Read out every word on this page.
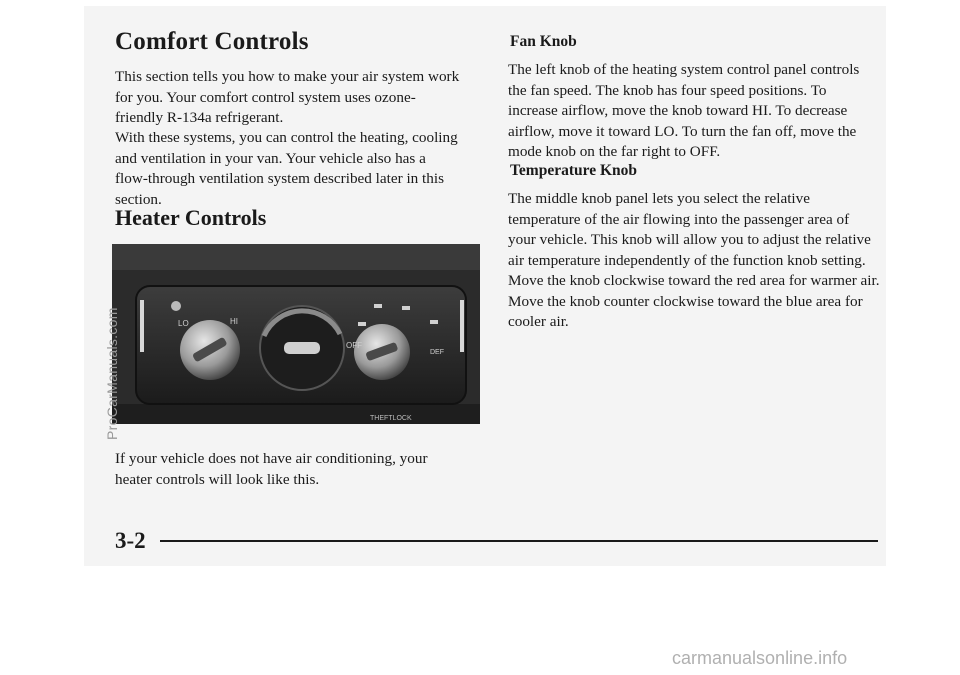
Comfort Controls

This section tells you how to make your air system work for you. Your comfort control system uses ozone-friendly R-134a refrigerant.

With these systems, you can control the heating, cooling and ventilation in your van. Your vehicle also has a flow-through ventilation system described later in this section.

Heater Controls
LO	HI
OFF
DEF
THEFTLOCK

If your vehicle does not have air conditioning, your heater controls will look like this.

Fan Knob

The left knob of the heating system control panel controls the fan speed. The knob has four speed positions. To increase airflow, move the knob toward HI. To decrease airflow, move it toward LO. To turn the fan off, move the mode knob on the far right to OFF.

Temperature Knob

The middle knob panel lets you select the relative temperature of the air flowing into the passenger area of your vehicle. This knob will allow you to adjust the relative air temperature independently of the function knob setting. Move the knob clockwise toward the red area for warmer air. Move the knob counter clockwise toward the blue area for cooler air.

ProCarManuals.com
3-2
carmanualsonline.info
